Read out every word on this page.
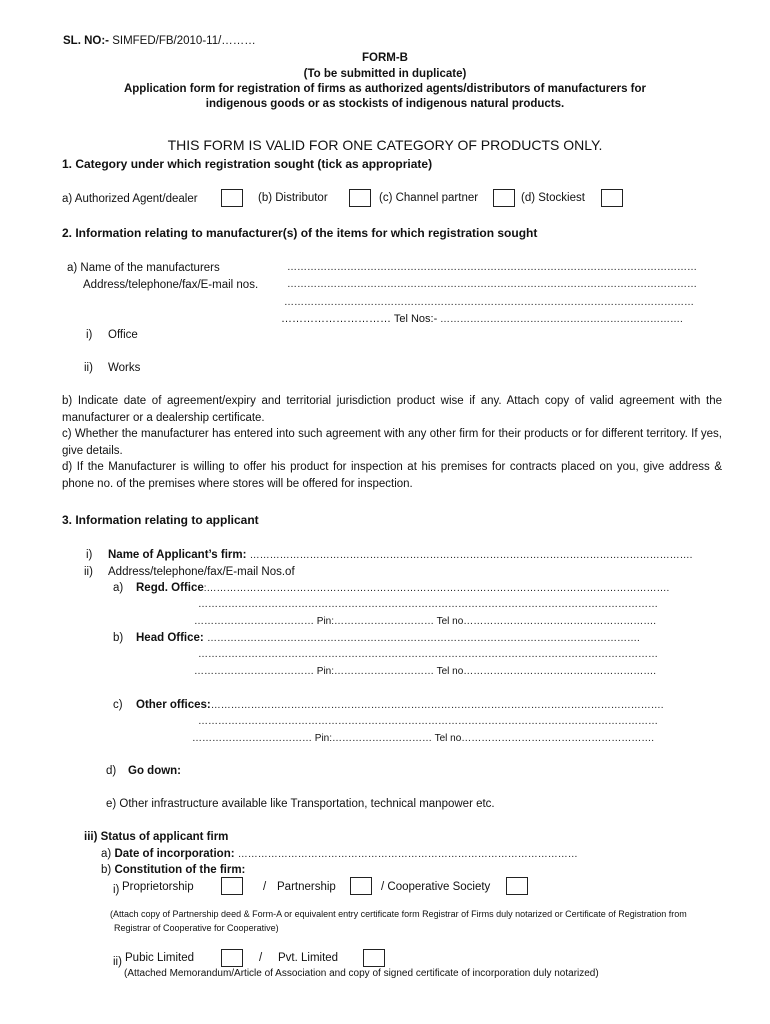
SL. NO:- SIMFED/FB/2010-11/………
FORM-B
(To be submitted in duplicate)
Application form for registration of firms as authorized agents/distributors of manufacturers for
indigenous goods or as stockists of indigenous natural products.
THIS FORM IS VALID FOR ONE CATEGORY OF PRODUCTS ONLY.
1. Category under which registration sought (tick as appropriate)
a) Authorized Agent/dealer	(b) Distributor	(c) Channel partner	(d) Stockiest
2. Information relating to manufacturer(s) of the items for which registration sought
a) Name of the manufacturers	……………………………………………………………………………………………………………
Address/telephone/fax/E-mail nos.	……………………………………………………………………………………………………………
……………………………………………………………………………………………………………
………………………… Tel Nos:- ……………………………………………………………….
i) Office
ii) Works
b) Indicate date of agreement/expiry and territorial jurisdiction product wise if any. Attach copy of valid agreement with the manufacturer or a dealership certificate.
c) Whether the manufacturer has entered into such agreement with any other firm for their products or for different territory. If yes, give details.
d) If the Manufacturer is willing to offer his product for inspection at his premises for contracts placed on you, give address & phone no. of the premises where stores will be offered for inspection.
3. Information relating to applicant
i) Name of Applicant’s firm: …………………………………………………………………………………………………………………….
ii) Address/telephone/fax/E-mail Nos.of
a) Regd. Office:………………………………………………………………………………………………………………………….
…………………………………………………………………………………………………………………………
……………………………… Pin:………………………… Tel no………………………………………………….
b) Head Office: ………………………………………………………………………………………………………………….
…………………………………………………………………………………………………………………………
……………………………… Pin:………………………… Tel no………………………………………………….
c) Other offices:……………………………………………………………………………………………………………………….
…………………………………………………………………………………………………………………………
……………………………… Pin:………………………… Tel no………………………………………………….
d) Go down:
e) Other infrastructure available like Transportation, technical manpower etc.
iii) Status of applicant firm
a) Date of incorporation: …………………………………………………………………………………………
b) Constitution of the firm:
i) Proprietorship	/ Partnership	/ Cooperative Society
(Attach copy of Partnership deed & Form-A or equivalent entry certificate form Registrar of Firms duly notarized or Certificate of Registration from
Registrar of Cooperative for Cooperative)
ii) Pubic Limited	/ Pvt. Limited
(Attached Memorandum/Article of Association and copy of signed certificate of incorporation duly notarized)
